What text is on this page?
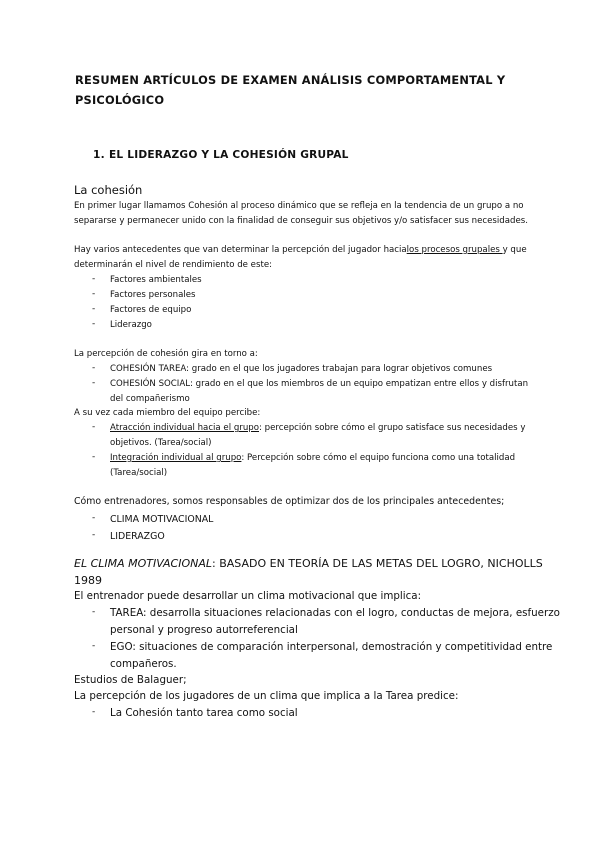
RESUMEN ARTÍCULOS DE EXAMEN ANÁLISIS COMPORTAMENTAL Y

PSICOLÓGICO

1. EL LIDERAZGO Y LA COHESIÓN GRUPAL

La cohesión

En primer lugar llamamos Cohesión al proceso dinámico que se refleja en la tendencia de un grupo a no

separarse y permanecer unido con la finalidad de conseguir sus objetivos y/o satisfacer sus necesidades.

Hay varios antecedentes que van determinar la percepción del jugador hacialos procesos grupales y que

determinarán el nivel de rendimiento de este:

- Factores ambientales

- Factores personales

- Factores de equipo

- Liderazgo

La percepción de cohesión gira en torno a:

- COHESIÓN TAREA: grado en el que los jugadores trabajan para lograr objetivos comunes

- COHESIÓN SOCIAL: grado en el que los miembros de un equipo empatizan entre ellos y disfrutan

del compañerismo

A su vez cada miembro del equipo percibe:

- Atracción individual hacia el grupo: percepción sobre cómo el grupo satisface sus necesidades y

objetivos. (Tarea/social)

- Integración individual al grupo: Percepción sobre cómo el equipo funciona como una totalidad

(Tarea/social)

Cómo entrenadores, somos responsables de optimizar dos de los principales antecedentes;

- CLIMA MOTIVACIONAL

- LIDERAZGO

EL CLIMA MOTIVACIONAL: BASADO EN TEORÍA DE LAS METAS DEL LOGRO, NICHOLLS

1989

El entrenador puede desarrollar un clima motivacional que implica:

- TAREA: desarrolla situaciones relacionadas con el logro, conductas de mejora, esfuerzo

personal y progreso autorreferencial

- EGO: situaciones de comparación interpersonal, demostración y competitividad entre

compañeros.

Estudios de Balaguer;

La percepción de los jugadores de un clima que implica a la Tarea predice:

- La Cohesión tanto tarea como social
